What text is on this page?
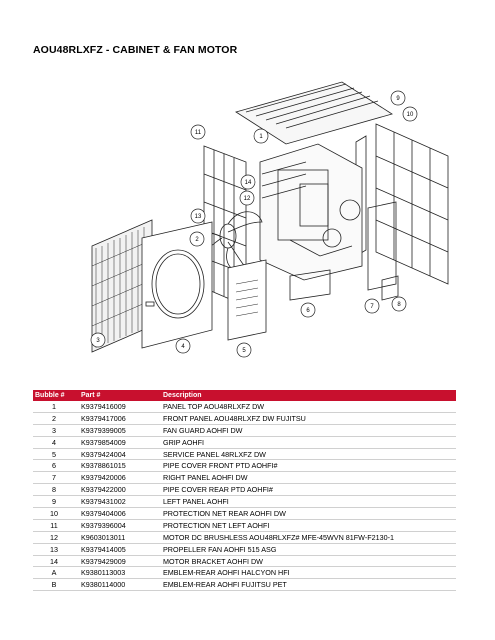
AOU48RLXFZ - CABINET & FAN MOTOR
1
2
3
4
5
6
7	8
9
10
11
12
13
14
Bubble #	Part #	Description
1	K9379416009	PANEL TOP AOU48RLXFZ DW
2	K9379417006	FRONT PANEL AOU48RLXFZ DW FUJITSU
3	K9379399005	FAN GUARD AOHFI DW
4	K9379854009	GRIP AOHFI
5	K9379424004	SERVICE PANEL 48RLXFZ DW
6	K9378861015	PIPE COVER FRONT PTD AOHFI#
7	K9379420006	RIGHT PANEL AOHFI DW
8	K9379422000	PIPE COVER REAR PTD AOHFI#
9	K9379431002	LEFT PANEL AOHFI
10	K9379404006	PROTECTION NET REAR AOHFI DW
11	K9379396004	PROTECTION NET LEFT AOHFI
12	K9603013011	MOTOR DC BRUSHLESS AOU48RLXFZ# MFE-45WVN 81FW-F2130-1
13	K9379414005	PROPELLER FAN AOHFI 515 ASG
14	K9379429009	MOTOR BRACKET AOHFI DW
A	K9380113003	EMBLEM-REAR AOHFI HALCYON HFI
B	K9380114000	EMBLEM-REAR AOHFI FUJITSU PET
